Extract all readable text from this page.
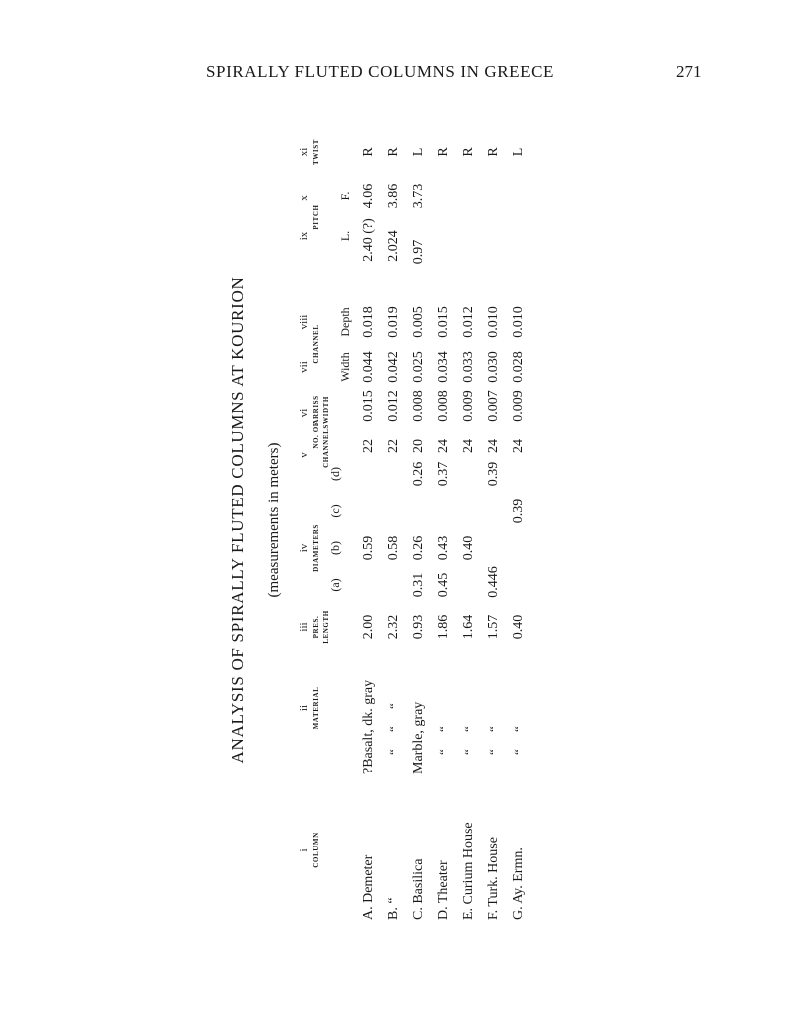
SPIRALLY FLUTED COLUMNS IN GREECE	271
ANALYSIS OF SPIRALLY FLUTED COLUMNS AT KOURION (measurements in meters)
i
ii
iii
iv
v
vi
vii
viii
ix
x
xi
COLUMN
MATERIAL
PRES. LENGTH
DIAMETERS
NO. OF CHANNELS
ARRISS WIDTH
CHANNEL
PITCH
TWIST
(a)
(b)
(c)
(d)
Width
Depth
L.
F.
A. Demeter
?Basalt, dk. gray
2.00
0.59
22
0.015
0.044
0.018
2.40 (?)
4.06
R
B. “
“ “ “
2.32
0.58
22
0.012
0.042
0.019
2.024
3.86
R
C. Basilica
Marble, gray
0.93
0.31
0.26
0.26
20
0.008
0.025
0.005
0.97
3.73
L
D. Theater
“ “
1.86
0.45
0.43
0.37
24
0.008
0.034
0.015
R
E. Curium House
“ “
1.64
0.40
24
0.009
0.033
0.012
R
F. Turk. House
“ “
1.57
0.446
0.39
24
0.007
0.030
0.010
R
G. Ay. Ermn.
“ “
0.40
0.39
24
0.009
0.028
0.010
L
